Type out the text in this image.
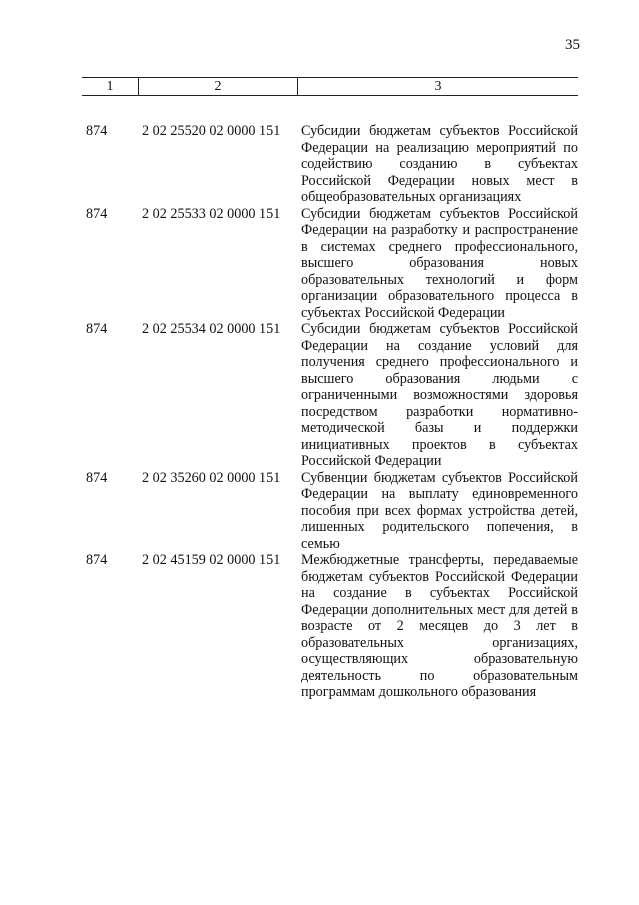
35
1	2	3
874	2 02 25520 02 0000 151	Субсидии бюджетам субъектов Российской Федерации на реализацию мероприятий по содействию созданию в субъектах Российской Федерации новых мест в общеобразовательных организациях
874	2 02 25533 02 0000 151	Субсидии бюджетам субъектов Российской Федерации на разработку и распространение в системах среднего профессионального, высшего образования новых образовательных технологий и форм организации образовательного процесса в субъектах Российской Федерации
874	2 02 25534 02 0000 151	Субсидии бюджетам субъектов Российской Федерации на создание условий для получения среднего профессионального и высшего образования людьми с ограниченными возможностями здоровья посредством разработки нормативно-методической базы и поддержки инициативных проектов в субъектах Российской Федерации
874	2 02 35260 02 0000 151	Субвенции бюджетам субъектов Российской Федерации на выплату единовременного пособия при всех формах устройства детей, лишенных родительского попечения, в семью
874	2 02 45159 02 0000 151	Межбюджетные трансферты, передаваемые бюджетам субъектов Российской Федерации на создание в субъектах Российской Федерации дополнительных мест для детей в возрасте от 2 месяцев до 3 лет в образовательных организациях, осуществляющих образовательную деятельность по образовательным программам дошкольного образования
